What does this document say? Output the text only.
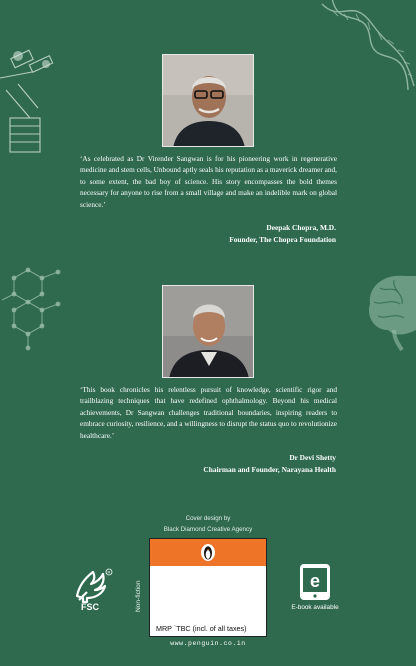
‘As celebrated as Dr Virender Sangwan is for his pioneering work in regenerative medicine and stem cells, Unbound aptly seals his reputation as a maverick dreamer and, to some extent, the bad boy of science. His story encompasses the bold themes necessary for anyone to rise from a small village and make an indelible mark on global science.’

Deepak Chopra, M.D.
Founder, The Chopra Foundation

‘This book chronicles his relentless pursuit of knowledge, scientific rigor and trailblazing techniques that have redefined ophthalmology. Beyond his medical achievements, Dr Sangwan challenges traditional boundaries, inspiring readers to embrace curiosity, resilience, and a willingness to disrupt the status quo to revolutionize healthcare.’

Dr Devi Shetty
Chairman and Founder, Narayana Health
Cover design by
Black Diamond Creative Agency
Non-fiction
MRP `TBC (incl. of all taxes)
www.penguin.co.in
R
FSC
e
E-book available
